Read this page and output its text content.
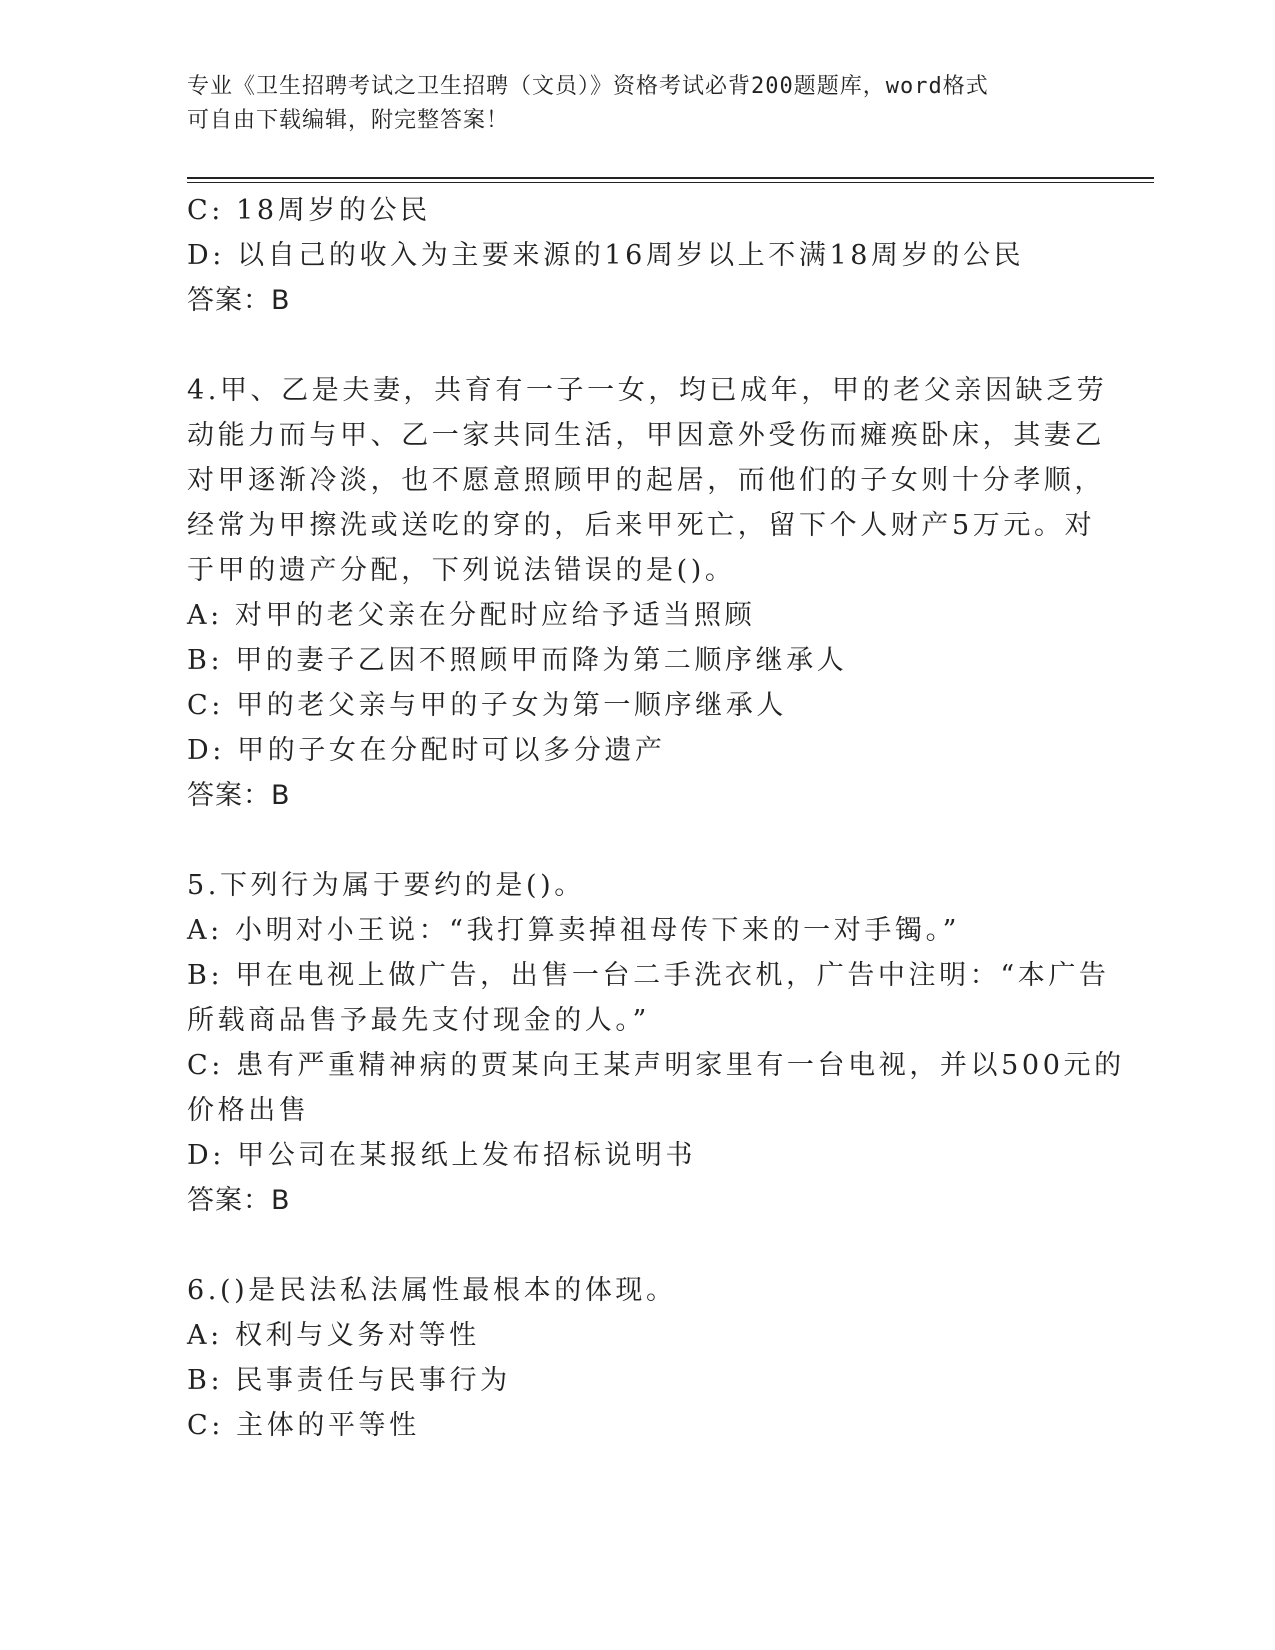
专业《卫生招聘考试之卫生招聘（文员）》资格考试必背200题题库，word格式
可自由下载编辑，附完整答案！
C: 18周岁的公民
D: 以自己的收入为主要来源的16周岁以上不满18周岁的公民
答案：B
4.甲、乙是夫妻，共育有一子一女，均已成年，甲的老父亲因缺乏劳
动能力而与甲、乙一家共同生活，甲因意外受伤而瘫痪卧床，其妻乙
对甲逐渐冷淡，也不愿意照顾甲的起居，而他们的子女则十分孝顺，
经常为甲擦洗或送吃的穿的，后来甲死亡，留下个人财产5万元。对
于甲的遗产分配，下列说法错误的是()。
A: 对甲的老父亲在分配时应给予适当照顾
B: 甲的妻子乙因不照顾甲而降为第二顺序继承人
C: 甲的老父亲与甲的子女为第一顺序继承人
D: 甲的子女在分配时可以多分遗产
答案：B
5.下列行为属于要约的是()。
A: 小明对小王说：“我打算卖掉祖母传下来的一对手镯。”
B: 甲在电视上做广告，出售一台二手洗衣机，广告中注明：“本广告
所载商品售予最先支付现金的人。”
C: 患有严重精神病的贾某向王某声明家里有一台电视，并以500元的
价格出售
D: 甲公司在某报纸上发布招标说明书
答案：B
6.()是民法私法属性最根本的体现。
A: 权利与义务对等性
B: 民事责任与民事行为
C: 主体的平等性
